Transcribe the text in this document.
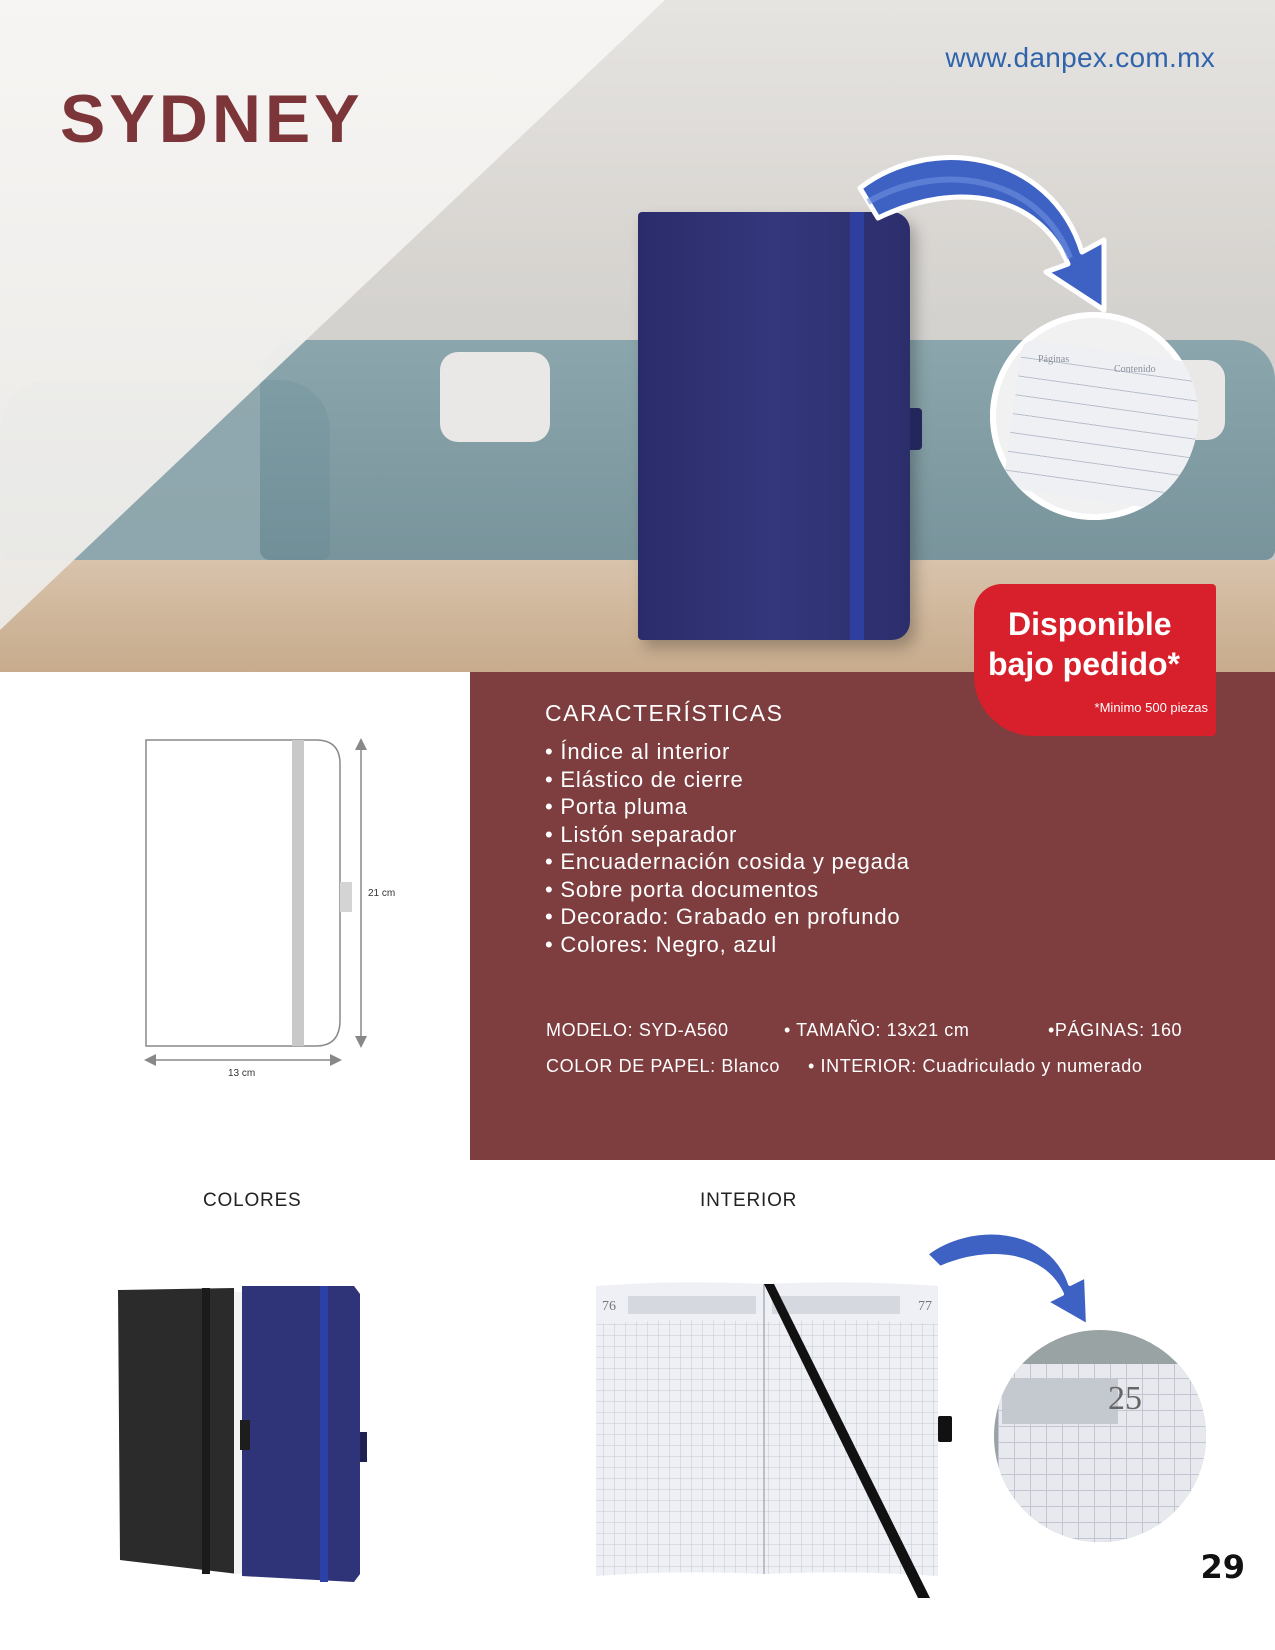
www.danpex.com.mx
SYDNEY
Páginas
Contenido
Disponible
bajo pedido*
*Minimo 500 piezas
CARACTERÍSTICAS
• Índice al interior
• Elástico de cierre
• Porta pluma
• Listón separador
• Encuadernación cosida y pegada
• Sobre porta documentos
• Decorado: Grabado en profundo
• Colores: Negro, azul
MODELO: SYD-A560	• TAMAÑO: 13x21 cm	•PÁGINAS: 160
COLOR DE PAPEL: Blanco • INTERIOR: Cuadriculado y numerado
21 cm
13 cm
COLORES	INTERIOR
76	77
25
29
